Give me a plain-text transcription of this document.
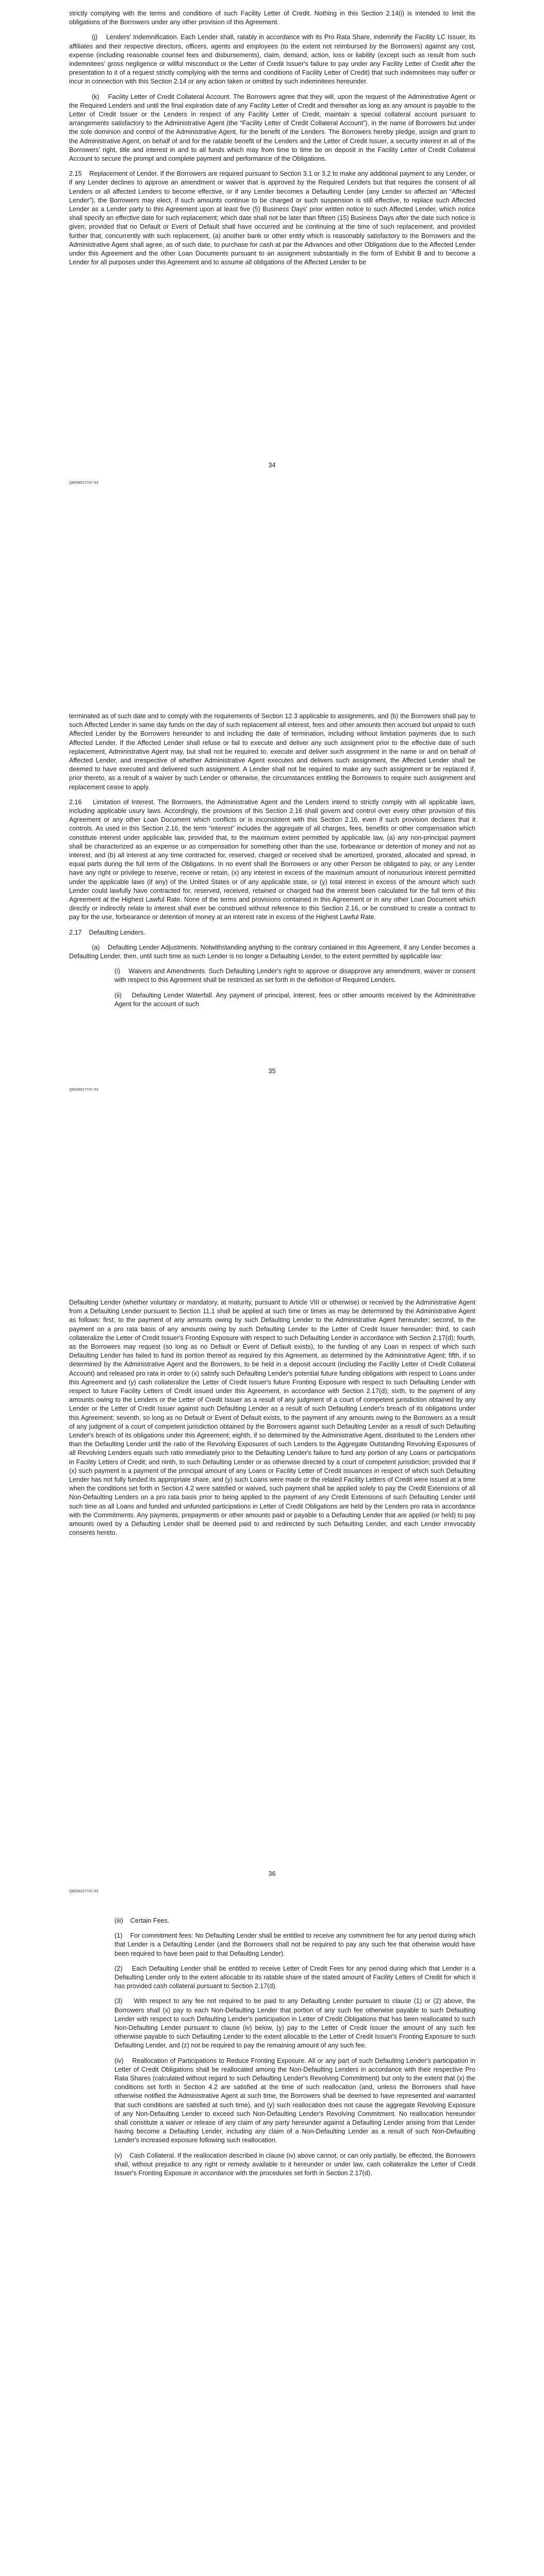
strictly complying with the terms and conditions of such Facility Letter of Credit. Nothing in this Section 2.14(i) is intended to limit the obligations of the Borrowers under any other provision of this Agreement.

(j)    Lenders' Indemnification. Each Lender shall, ratably in accordance with its Pro Rata Share, indemnify the Facility LC Issuer, its affiliates and their respective directors, officers, agents and employees (to the extent not reimbursed by the Borrowers) against any cost, expense (including reasonable counsel fees and disbursements), claim, demand, action, loss or liability (except such as result from such indemnitees' gross negligence or willful misconduct or the Letter of Credit Issuer's failure to pay under any Facility Letter of Credit after the presentation to it of a request strictly complying with the terms and conditions of Facility Letter of Credit) that such indemnitees may suffer or incur in connection with this Section 2.14 or any action taken or omitted by such indemnitees hereunder.

(k)    Facility Letter of Credit Collateral Account. The Borrowers agree that they will, upon the request of the Administrative Agent or the Required Lenders and until the final expiration date of any Facility Letter of Credit and thereafter as long as any amount is payable to the Letter of Credit Issuer or the Lenders in respect of any Facility Letter of Credit, maintain a special collateral account pursuant to arrangements satisfactory to the Administrative Agent (the “Facility Letter of Credit Collateral Account”), in the name of Borrowers but under the sole dominion and control of the Administrative Agent, for the benefit of the Lenders. The Borrowers hereby pledge, assign and grant to the Administrative Agent, on behalf of and for the ratable benefit of the Lenders and the Letter of Credit Issuer, a security interest in all of the Borrowers' right, title and interest in and to all funds which may from time to time be on deposit in the Facility Letter of Credit Collateral Account to secure the prompt and complete payment and performance of the Obligations.

2.15    Replacement of Lender. If the Borrowers are required pursuant to Section 3.1 or 3.2 to make any additional payment to any Lender, or if any Lender declines to approve an amendment or waiver that is approved by the Required Lenders but that requires the consent of all Lenders or all affected Lenders to become effective, or if any Lender becomes a Defaulting Lender (any Lender so affected an “Affected Lender”), the Borrowers may elect, if such amounts continue to be charged or such suspension is still effective, to replace such Affected Lender as a Lender party to this Agreement upon at least five (5) Business Days' prior written notice to such Affected Lender, which notice shall specify an effective date for such replacement; which date shall not be later than fifteen (15) Business Days after the date such notice is given, provided that no Default or Event of Default shall have occurred and be continuing at the time of such replacement, and provided further that, concurrently with such replacement, (a) another bank or other entity which is reasonably satisfactory to the Borrowers and the Administrative Agent shall agree, as of such date, to purchase for cash at par the Advances and other Obligations due to the Affected Lender under this Agreement and the other Loan Documents pursuant to an assignment substantially in the form of Exhibit B and to become a Lender for all purposes under this Agreement and to assume all obligations of the Affected Lender to be

34
QB\59027747.53

terminated as of such date and to comply with the requirements of Section 12.3 applicable to assignments, and (b) the Borrowers shall pay to such Affected Lender in same day funds on the day of such replacement all interest, fees and other amounts then accrued but unpaid to such Affected Lender by the Borrowers hereunder to and including the date of termination, including without limitation payments due to such Affected Lender. If the Affected Lender shall refuse or fail to execute and deliver any such assignment prior to the effective date of such replacement, Administrative Agent may, but shall not be required to, execute and deliver such assignment in the name or and on behalf of Affected Lender, and irrespective of whether Administrative Agent executes and delivers such assignment, the Affected Lender shall be deemed to have executed and delivered such assignment. A Lender shall not be required to make any such assignment or be replaced if, prior thereto, as a result of a waiver by such Lender or otherwise, the circumstances entitling the Borrowers to require such assignment and replacement cease to apply.

2.16    Limitation of Interest. The Borrowers, the Administrative Agent and the Lenders intend to strictly comply with all applicable laws, including applicable usury laws. Accordingly, the provisions of this Section 2.16 shall govern and control over every other provision of this Agreement or any other Loan Document which conflicts or is inconsistent with this Section 2.16, even if such provision declares that it controls. As used in this Section 2.16, the term “interest” includes the aggregate of all charges, fees, benefits or other compensation which constitute interest under applicable law, provided that, to the maximum extent permitted by applicable law, (a) any non-principal payment shall be characterized as an expense or as compensation for something other than the use, forbearance or detention of money and not as interest, and (b) all interest at any time contracted for, reserved, charged or received shall be amortized, prorated, allocated and spread, in equal parts during the full term of the Obligations. In no event shall the Borrowers or any other Person be obligated to pay, or any Lender have any right or privilege to reserve, receive or retain, (x) any interest in excess of the maximum amount of nonusurious interest permitted under the applicable laws (if any) of the United States or of any applicable state, or (y) total interest in excess of the amount which such Lender could lawfully have contracted for, reserved, received, retained or charged had the interest been calculated for the full term of this Agreement at the Highest Lawful Rate. None of the terms and provisions contained in this Agreement or in any other Loan Document which directly or indirectly relate to interest shall ever be construed without reference to this Section 2.16, or be construed to create a contract to pay for the use, forbearance or detention of money at an interest rate in excess of the Highest Lawful Rate.

2.17    Defaulting Lenders.

(a)    Defaulting Lender Adjustments. Notwithstanding anything to the contrary contained in this Agreement, if any Lender becomes a Defaulting Lender, then, until such time as such Lender is no longer a Defaulting Lender, to the extent permitted by applicable law:

(i)    Waivers and Amendments. Such Defaulting Lender's right to approve or disapprove any amendment, waiver or consent with respect to this Agreement shall be restricted as set forth in the definition of Required Lenders.

(ii)    Defaulting Lender Waterfall. Any payment of principal, interest, fees or other amounts received by the Administrative Agent for the account of such

35
QB\59027747.53

Defaulting Lender (whether voluntary or mandatory, at maturity, pursuant to Article VIII or otherwise) or received by the Administrative Agent from a Defaulting Lender pursuant to Section 11.1 shall be applied at such time or times as may be determined by the Administrative Agent as follows: first, to the payment of any amounts owing by such Defaulting Lender to the Administrative Agent hereunder; second, to the payment on a pro rata basis of any amounts owing by such Defaulting Lender to the Letter of Credit Issuer hereunder; third, to cash collateralize the Letter of Credit Issuer's Fronting Exposure with respect to such Defaulting Lender in accordance with Section 2.17(d); fourth, as the Borrowers may request (so long as no Default or Event of Default exists), to the funding of any Loan in respect of which such Defaulting Lender has failed to fund its portion thereof as required by this Agreement, as determined by the Administrative Agent; fifth, if so determined by the Administrative Agent and the Borrowers, to be held in a deposit account (including the Facility Letter of Credit Collateral Account) and released pro rata in order to (x) satisfy such Defaulting Lender's potential future funding obligations with respect to Loans under this Agreement and (y) cash collateralize the Letter of Credit Issuer's future Fronting Exposure with respect to such Defaulting Lender with respect to future Facility Letters of Credit issued under this Agreement, in accordance with Section 2.17(d); sixth, to the payment of any amounts owing to the Lenders or the Letter of Credit Issuer as a result of any judgment of a court of competent jurisdiction obtained by any Lender or the Letter of Credit Issuer against such Defaulting Lender as a result of such Defaulting Lender's breach of its obligations under this Agreement; seventh, so long as no Default or Event of Default exists, to the payment of any amounts owing to the Borrowers as a result of any judgment of a court of competent jurisdiction obtained by the Borrowers against such Defaulting Lender as a result of such Defaulting Lender's breach of its obligations under this Agreement; eighth, if so determined by the Administrative Agent, distributed to the Lenders other than the Defaulting Lender until the ratio of the Revolving Exposures of such Lenders to the Aggregate Outstanding Revolving Exposures of all Revolving Lenders equals such ratio immediately prior to the Defaulting Lender's failure to fund any portion of any Loans or participations in Facility Letters of Credit; and ninth, to such Defaulting Lender or as otherwise directed by a court of competent jurisdiction; provided that if (x) such payment is a payment of the principal amount of any Loans or Facility Letter of Credit issuances in respect of which such Defaulting Lender has not fully funded its appropriate share, and (y) such Loans were made or the related Facility Letters of Credit were issued at a time when the conditions set forth in Section 4.2 were satisfied or waived, such payment shall be applied solely to pay the Credit Extensions of all Non-Defaulting Lenders on a pro rata basis prior to being applied to the payment of any Credit Extensions of such Defaulting Lender until such time as all Loans and funded and unfunded participations in Letter of Credit Obligations are held by the Lenders pro rata in accordance with the Commitments. Any payments, prepayments or other amounts paid or payable to a Defaulting Lender that are applied (or held) to pay amounts owed by a Defaulting Lender shall be deemed paid to and redirected by such Defaulting Lender, and each Lender irrevocably consents hereto.

36
QB\59027747.53

(iii)    Certain Fees.

(1)    For commitment fees: No Defaulting Lender shall be entitled to receive any commitment fee for any period during which that Lender is a Defaulting Lender (and the Borrowers shall not be required to pay any such fee that otherwise would have been required to have been paid to that Defaulting Lender).

(2)    Each Defaulting Lender shall be entitled to receive Letter of Credit Fees for any period during which that Lender is a Defaulting Lender only to the extent allocable to its ratable share of the stated amount of Facility Letters of Credit for which it has provided cash collateral pursuant to Section 2.17(d).

(3)    With respect to any fee not required to be paid to any Defaulting Lender pursuant to clause (1) or (2) above, the Borrowers shall (x) pay to each Non-Defaulting Lender that portion of any such fee otherwise payable to such Defaulting Lender with respect to such Defaulting Lender's participation in Letter of Credit Obligations that has been reallocated to such Non-Defaulting Lender pursuant to clause (iv) below, (y) pay to the Letter of Credit Issuer the amount of any such fee otherwise payable to such Defaulting Lender to the extent allocable to the Letter of Credit Issuer's Fronting Exposure to such Defaulting Lender, and (z) not be required to pay the remaining amount of any such fee.

(iv)    Reallocation of Participations to Reduce Fronting Exposure. All or any part of such Defaulting Lender's participation in Letter of Credit Obligations shall be reallocated among the Non-Defaulting Lenders in accordance with their respective Pro Rata Shares (calculated without regard to such Defaulting Lender's Revolving Commitment) but only to the extent that (x) the conditions set forth in Section 4.2 are satisfied at the time of such reallocation (and, unless the Borrowers shall have otherwise notified the Administrative Agent at such time, the Borrowers shall be deemed to have represented and warranted that such conditions are satisfied at such time), and (y) such reallocation does not cause the aggregate Revolving Exposure of any Non-Defaulting Lender to exceed such Non-Defaulting Lender's Revolving Commitment. No reallocation hereunder shall constitute a waiver or release of any claim of any party hereunder against a Defaulting Lender arising from that Lender having become a Defaulting Lender, including any claim of a Non-Defaulting Lender as a result of such Non-Defaulting Lender's increased exposure following such reallocation.

(v)    Cash Collateral. If the reallocation described in clause (iv) above cannot, or can only partially, be effected, the Borrowers shall, without prejudice to any right or remedy available to it hereunder or under law, cash collateralize the Letter of Credit Issuer's Fronting Exposure in accordance with the procedures set forth in Section 2.17(d).
